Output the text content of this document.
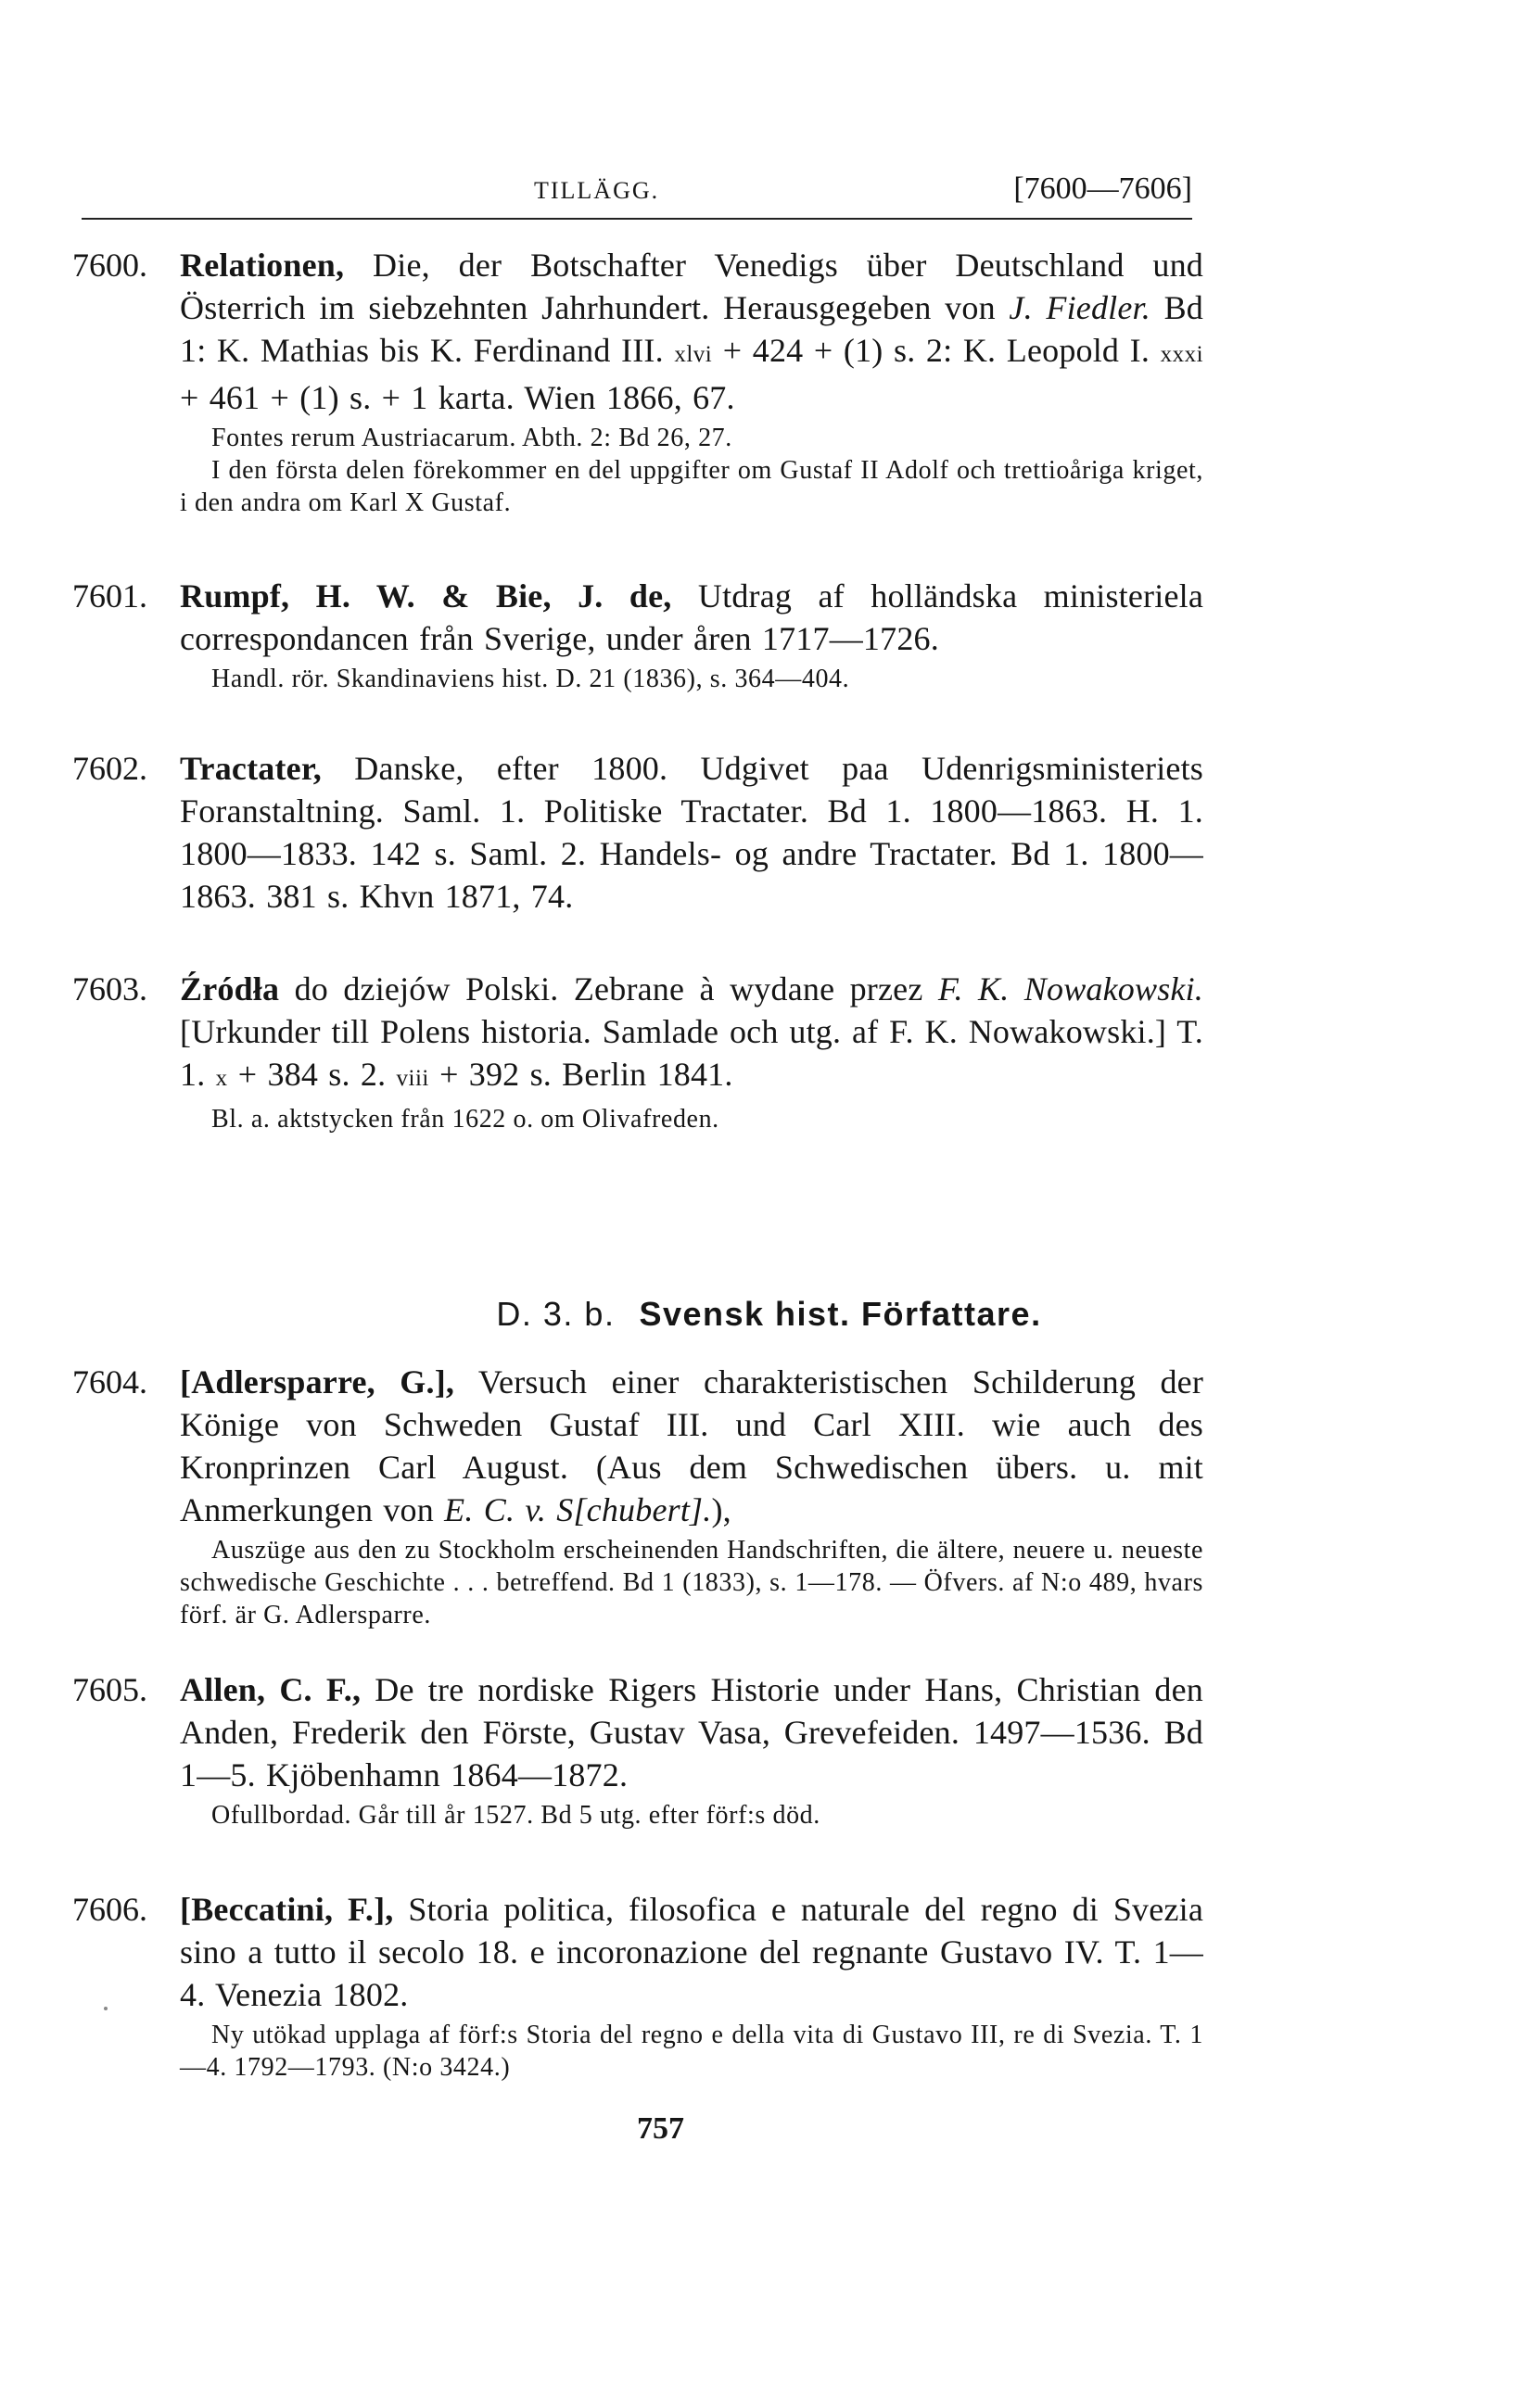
TILLÄGG.	[7600—7606]
7600. Relationen, Die, der Botschafter Venedigs über Deutschland und Österrich im siebzehnten Jahrhundert. Herausgegeben von J. Fiedler. Bd 1: K. Mathias bis K. Ferdinand III. xlvi + 424 + (1) s. 2: K. Leopold I. xxxi + 461 + (1) s. + 1 karta. Wien 1866, 67.

Fontes rerum Austriacarum. Abth. 2: Bd 26, 27.

I den första delen förekommer en del uppgifter om Gustaf II Adolf och trettioåriga kriget, i den andra om Karl X Gustaf.

7601. Rumpf, H. W. & Bie, J. de, Utdrag af holländska ministeriela correspondancen från Sverige, under åren 1717—1726.

Handl. rör. Skandinaviens hist. D. 21 (1836), s. 364—404.

7602. Tractater, Danske, efter 1800. Udgivet paa Udenrigsministeriets Foranstaltning. Saml. 1. Politiske Tractater. Bd 1. 1800—1863. H. 1. 1800—1833. 142 s. Saml. 2. Handels- og andre Tractater. Bd 1. 1800—1863. 381 s. Khvn 1871, 74.
7603. Źródła do dziejów Polski. Zebrane à wydane przez F. K. Nowakowski. [Urkunder till Polens historia. Samlade och utg. af F. K. Nowakowski.] T. 1. x + 384 s. 2. viii + 392 s. Berlin 1841.

Bl. a. aktstycken från 1622 o. om Olivafreden.

D. 3. b. Svensk hist. Författare.
7604. [Adlersparre, G.], Versuch einer charakteristischen Schilderung der Könige von Schweden Gustaf III. und Carl XIII. wie auch des Kronprinzen Carl August. (Aus dem Schwedischen übers. u. mit Anmerkungen von E. C. v. S[chubert].),

Auszüge aus den zu Stockholm erscheinenden Handschriften, die ältere, neuere u. neueste schwedische Geschichte . . . betreffend. Bd 1 (1833), s. 1—178. — Öfvers. af N:o 489, hvars förf. är G. Adlersparre.

7605. Allen, C. F., De tre nordiske Rigers Historie under Hans, Christian den Anden, Frederik den Förste, Gustav Vasa, Grevefeiden. 1497—1536. Bd 1—5. Kjöbenhamn 1864—1872.

Ofullbordad. Går till år 1527. Bd 5 utg. efter förf:s död.

7606. [Beccatini, F.], Storia politica, filosofica e naturale del regno di Svezia sino a tutto il secolo 18. e incoronazione del regnante Gustavo IV. T. 1—4. Venezia 1802.

Ny utökad upplaga af förf:s Storia del regno e della vita di Gustavo III, re di Svezia. T. 1—4. 1792—1793. (N:o 3424.)

757
